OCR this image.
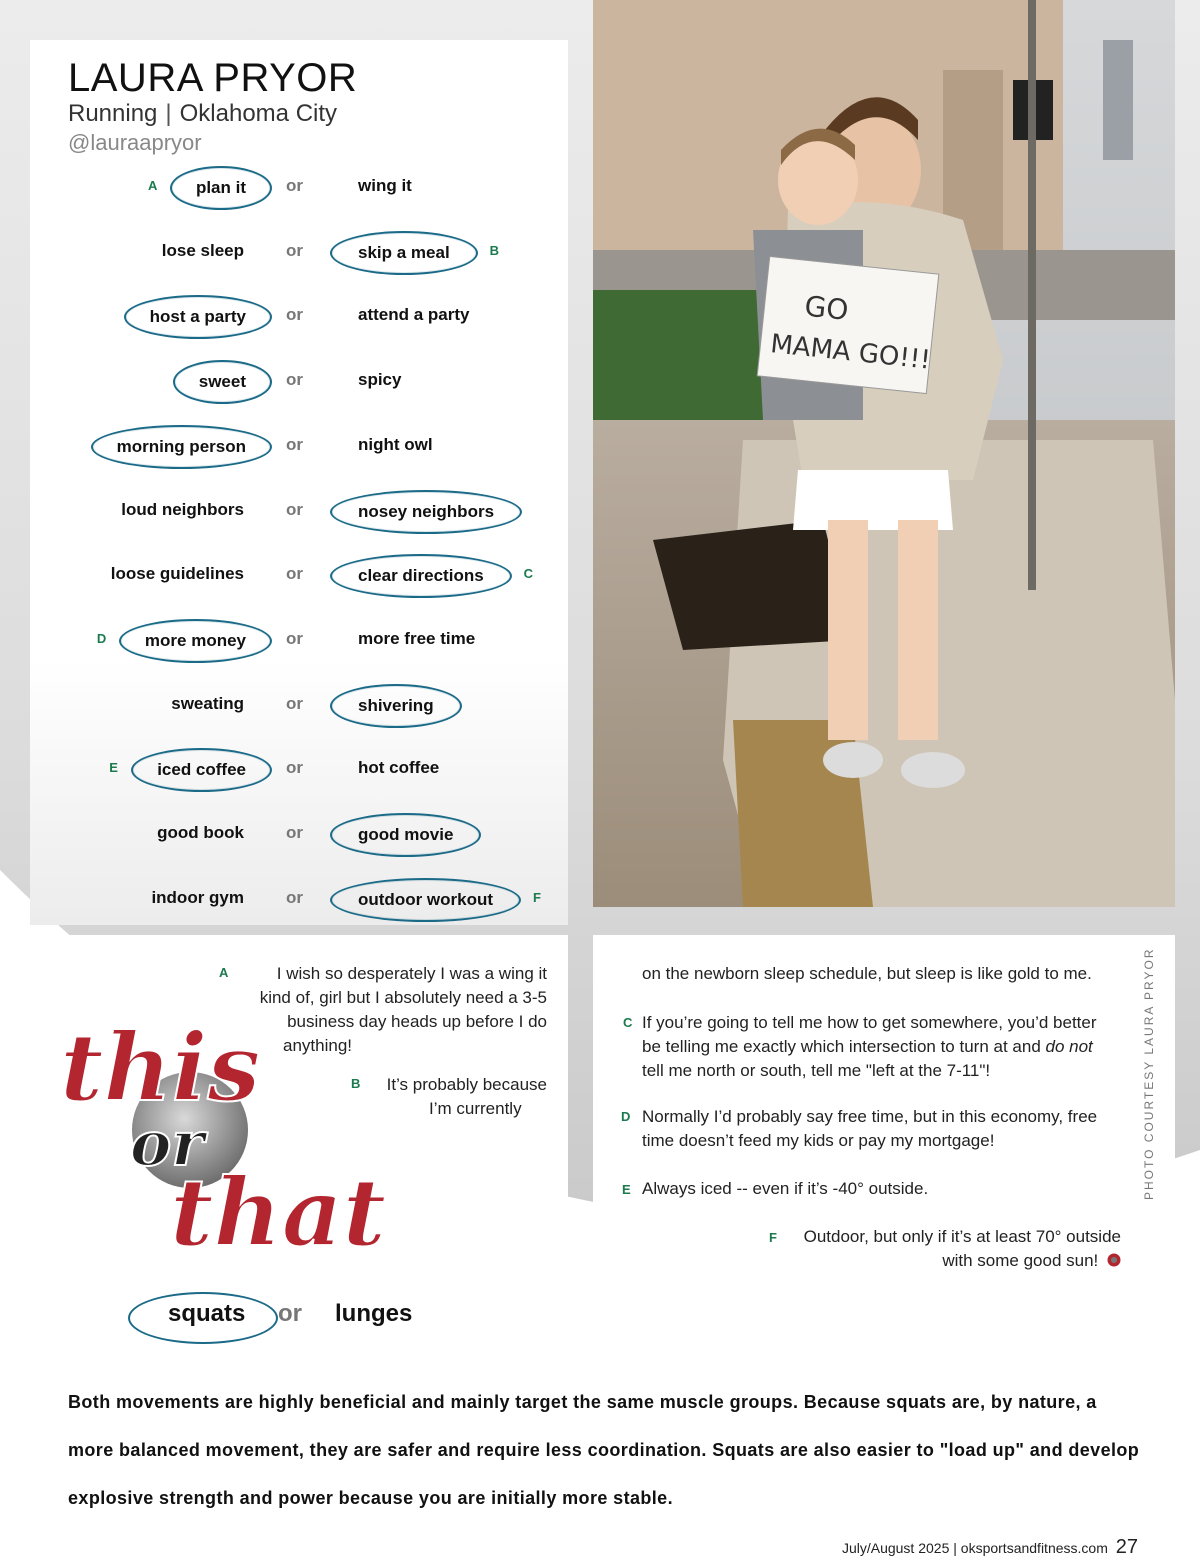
LAURA PRYOR
Running | Oklahoma City
@lauraapryor
plan it	or	wing it
A
lose sleep or	skip a meal	B
host a party	or	attend a party
sweet	or	spicy
morning person	or	night owl
loud neighbors or	nosey neighbors
loose guidelines or	clear directions	C
more money	or	more free time
D
sweating or	shivering
iced coffee	or	hot coffee
E
good book or	good movie
indoor gym or	outdoor workout	F
GO
MAMA GO!!!
this
or
that
A	I wish so desperately I was a wing it
kind of, girl but I absolutely need a 3-5
business day heads up before I do
anything!
B	It’s probably because
I’m currently
on the newborn sleep schedule, but sleep is like gold to me.
C If you’re going to tell me how to get somewhere, you’d better
be telling me exactly which intersection to turn at and do not
tell me north or south, tell me "left at the 7-11"!
D Normally I’d probably say free time, but in this economy, free
time doesn’t feed my kids or pay my mortgage!
E Always iced -- even if it’s -40° outside.
F	Outdoor, but only if it’s at least 70° outside
with some good sun!
PHOTO COURTESY LAURA PRYOR
squats or lunges
Both movements are highly beneficial and mainly target the same muscle groups. Because squats are, by nature, a more balanced movement, they are safer and require less coordination. Squats are also easier to "load up" and develop explosive strength and power because you are initially more stable.
July/August 2025 | oksportsandfitness.com 27
